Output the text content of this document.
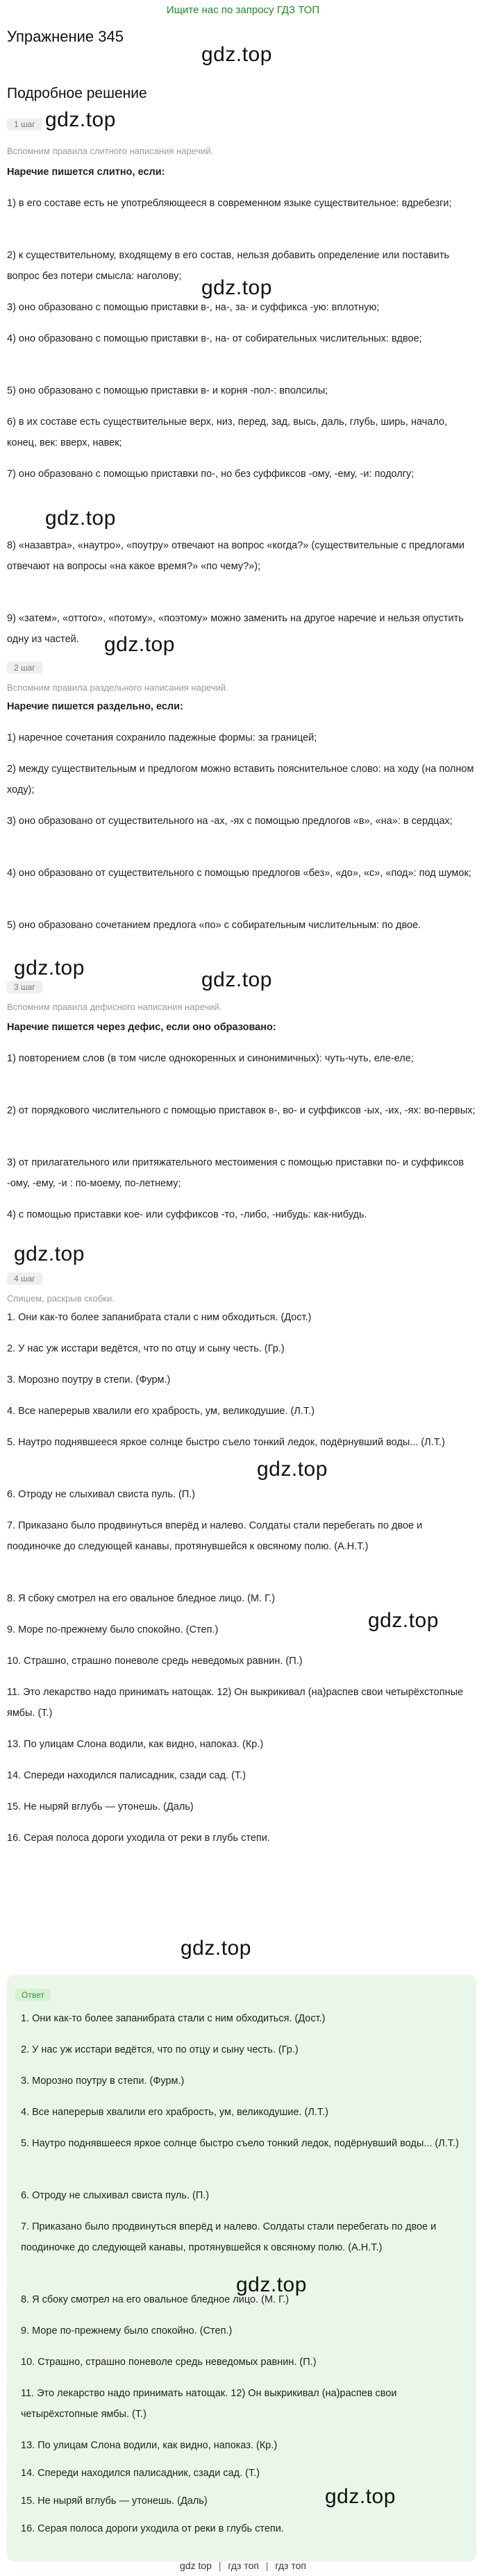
Ищите нас по запросу ГДЗ ТОП
Упражнение 345
gdz.top
Подробное решение
1 шаг gdz.top
Вспомним правила слитного написания наречий.

Наречие пишется слитно, если:

1) в его составе есть не употребляющееся в современном языке существительное: вдребезги;

2) к существительному, входящему в его состав, нельзя добавить определение или поставить вопрос без потери смысла: наголову;

3) оно образовано с помощью приставки в-, на-, за- и суффикса -ую: вплотную;

gdz.top

4) оно образовано с помощью приставки в-, на- от собирательных числительных: вдвое;

5) оно образовано с помощью приставки в- и корня -пол-: вполсилы;

6) в их составе есть существительные верх, низ, перед, зад, высь, даль, глубь, ширь, начало, конец, век: вверх, навек;

7) оно образовано с помощью приставки по-, но без суффиксов -ому, -ему, -и: подолгу;

gdz.top

8) «назавтра», «наутро», «поутру» отвечают на вопрос «когда?» (существительные с предлогами отвечают на вопросы «на какое время?» «по чему?»);

9) «затем», «оттого», «потому», «поэтому» можно заменить на другое наречие и нельзя опустить одну из частей.	gdz.top
2 шаг
Вспомним правила раздельного написания наречий.

Наречие пишется раздельно, если:

1) наречное сочетания сохранило падежные формы: за границей;

2) между существительным и предлогом можно вставить пояснительное слово: на ходу (на полном ходу);

3) оно образовано от существительного на -ах, -ях с помощью предлогов «в», «на»: в сердцах;

4) оно образовано от существительного с помощью предлогов «без», «до», «с», «под»: под шумок;

5) оно образовано сочетанием предлога «по» с собирательным числительным: по двое.

gdz.top
3 шаг	gdz.top
Вспомним правила дефисного написания наречий.

Наречие пишется через дефис, если оно образовано:

1) повторением слов (в том числе однокоренных и синонимичных): чуть-чуть, еле-еле;

2) от порядкового числительного с помощью приставок в-, во- и суффиксов -ых, -их, -ях: во-первых;

3) от прилагательного или притяжательного местоимения с помощью приставки по- и суффиксов -ому, -ему, -и : по-моему, по-летнему;

4) с помощью приставки кое- или суффиксов -то, -либо, -нибудь: как-нибудь.

gdz.top
4 шаг
Спишем, раскрыв скобки.

1. Они как-то более запанибрата стали с ним обходиться. (Дост.)

2. У нас уж исстари ведётся, что по отцу и сыну честь. (Гр.)

3. Морозно поутру в степи. (Фурм.)

4. Все наперерыв хвалили его храбрость, ум, великодушие. (Л.Т.)

5. Наутро поднявшееся яркое солнце быстро съело тонкий ледок, подёрнувший воды... (Л.Т.)

gdz.top

6. Отроду не слыхивал свиста пуль. (П.)

7. Приказано было продвинуться вперёд и налево. Солдаты стали перебегать по двое и поодиночке до следующей канавы, протянувшейся к овсяному полю. (А.Н.Т.)

8. Я сбоку смотрел на его овальное бледное лицо. (М. Г.)

gdz.top

9. Море по-прежнему было спокойно. (Степ.)

10. Страшно, страшно поневоле средь неведомых равнин. (П.)

11. Это лекарство надо принимать натощак. 12) Он выкрикивал (на)распев свои четырёхстопные ямбы. (Т.)

13. По улицам Слона водили, как видно, напоказ. (Кр.)

14. Спереди находился палисадник, сзади сад. (Т.)

15. Не ныряй вглубь — утонешь. (Даль)

16. Серая полоса дороги уходила от реки в глубь степи.

gdz.top
Ответ

1. Они как-то более запанибрата стали с ним обходиться. (Дост.)

2. У нас уж исстари ведётся, что по отцу и сыну честь. (Гр.)

3. Морозно поутру в степи. (Фурм.)

4. Все наперерыв хвалили его храбрость, ум, великодушие. (Л.Т.)

5. Наутро поднявшееся яркое солнце быстро съело тонкий ледок, подёрнувший воды... (Л.Т.)

6. Отроду не слыхивал свиста пуль. (П.)

7. Приказано было продвинуться вперёд и налево. Солдаты стали перебегать по двое и поодиночке до следующей канавы, протянувшейся к овсяному полю. (А.Н.Т.)

gdz.top

8. Я сбоку смотрел на его овальное бледное лицо. (М. Г.)

9. Море по-прежнему было спокойно. (Степ.)

10. Страшно, страшно поневоле средь неведомых равнин. (П.)

11. Это лекарство надо принимать натощак. 12) Он выкрикивал (на)распев свои четырёхстопные ямбы. (Т.)

13. По улицам Слона водили, как видно, напоказ. (Кр.)

14. Спереди находился палисадник, сзади сад. (Т.)

15. Не ныряй вглубь — утонешь. (Даль)	gdz.top

16. Серая полоса дороги уходила от реки в глубь степи.

gdz top | гдз топ | гдз топ
